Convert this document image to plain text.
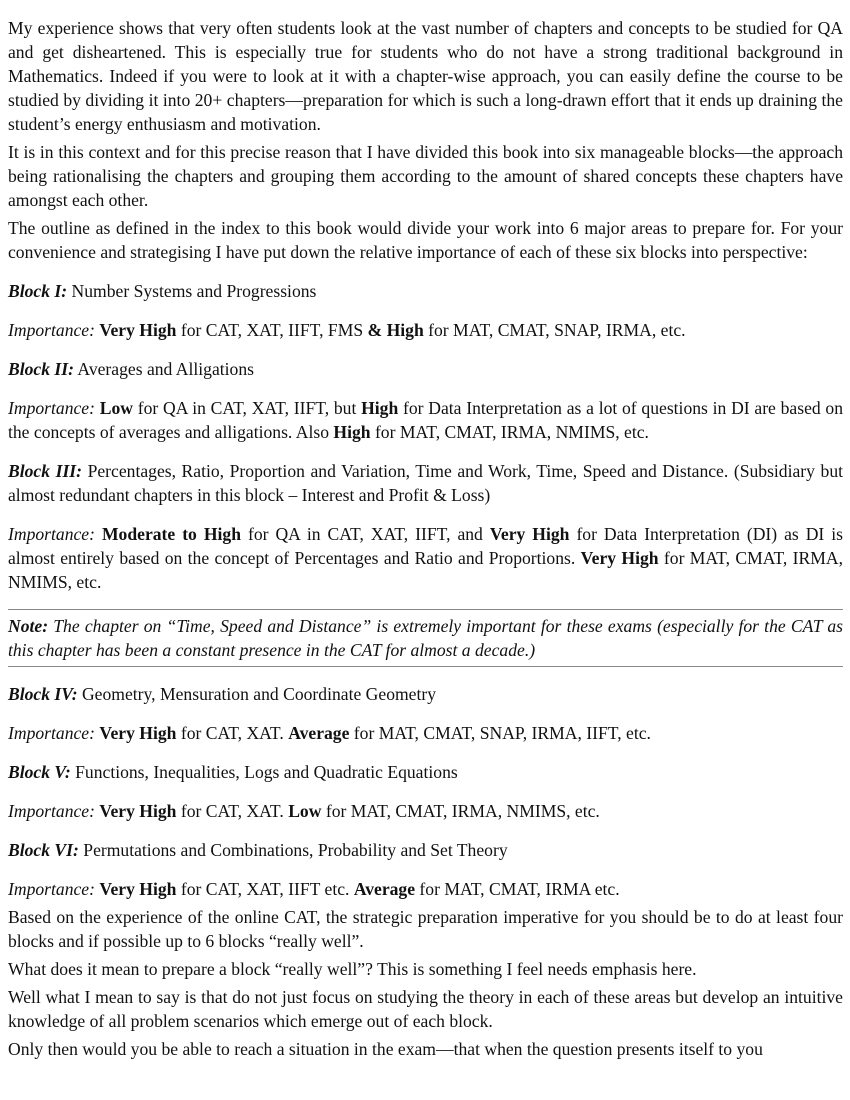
My experience shows that very often students look at the vast number of chapters and concepts to be studied for QA and get disheartened. This is especially true for students who do not have a strong traditional background in Mathematics. Indeed if you were to look at it with a chapter-wise approach, you can easily define the course to be studied by dividing it into 20+ chapters—preparation for which is such a long-drawn effort that it ends up draining the student’s energy enthusiasm and motivation.

It is in this context and for this precise reason that I have divided this book into six manageable blocks—the approach being rationalising the chapters and grouping them according to the amount of shared concepts these chapters have amongst each other.

The outline as defined in the index to this book would divide your work into 6 major areas to prepare for. For your convenience and strategising I have put down the relative importance of each of these six blocks into perspective:

Block I: Number Systems and Progressions

Importance: Very High for CAT, XAT, IIFT, FMS & High for MAT, CMAT, SNAP, IRMA, etc.

Block II: Averages and Alligations

Importance: Low for QA in CAT, XAT, IIFT, but High for Data Interpretation as a lot of questions in DI are based on the concepts of averages and alligations. Also High for MAT, CMAT, IRMA, NMIMS, etc.

Block III: Percentages, Ratio, Proportion and Variation, Time and Work, Time, Speed and Distance. (Subsidiary but almost redundant chapters in this block – Interest and Profit & Loss)

Importance: Moderate to High for QA in CAT, XAT, IIFT, and Very High for Data Interpretation (DI) as DI is almost entirely based on the concept of Percentages and Ratio and Proportions. Very High for MAT, CMAT, IRMA, NMIMS, etc.

Note: The chapter on “Time, Speed and Distance” is extremely important for these exams (especially for the CAT as this chapter has been a constant presence in the CAT for almost a decade.)

Block IV: Geometry, Mensuration and Coordinate Geometry

Importance: Very High for CAT, XAT. Average for MAT, CMAT, SNAP, IRMA, IIFT, etc.

Block V: Functions, Inequalities, Logs and Quadratic Equations

Importance: Very High for CAT, XAT. Low for MAT, CMAT, IRMA, NMIMS, etc.

Block VI: Permutations and Combinations, Probability and Set Theory

Importance: Very High for CAT, XAT, IIFT etc. Average for MAT, CMAT, IRMA etc.

Based on the experience of the online CAT, the strategic preparation imperative for you should be to do at least four blocks and if possible up to 6 blocks “really well”.

What does it mean to prepare a block “really well”? This is something I feel needs emphasis here.

Well what I mean to say is that do not just focus on studying the theory in each of these areas but develop an intuitive knowledge of all problem scenarios which emerge out of each block.

Only then would you be able to reach a situation in the exam—that when the question presents itself to you
